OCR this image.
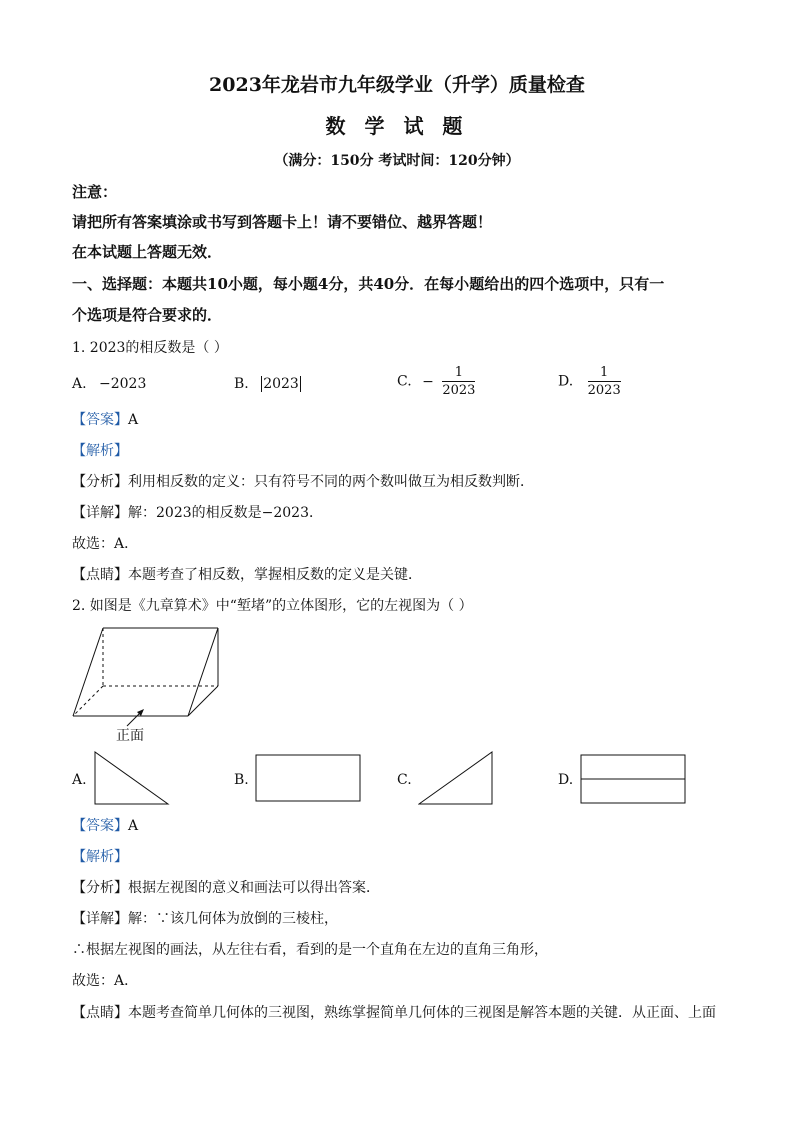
2023年龙岩市九年级学业（升学）质量检查
数 学 试 题
（满分：150分 考试时间：120分钟）
注意：
请把所有答案填涂或书写到答题卡上！请不要错位、越界答题！
在本试题上答题无效．
一、选择题：本题共10小题，每小题4分，共40分．在每小题给出的四个选项中，只有一
个选项是符合要求的．
1. 2023的相反数是（ ）
A. −2023	B. 2023	C. − $\frac{1}{2023}$	D. $\frac{1}{2023}$
【答案】A
【解析】
【分析】利用相反数的定义：只有符号不同的两个数叫做互为相反数判断．
【详解】解：2023的相反数是−2023．
故选：A．
【点睛】本题考查了相反数，掌握相反数的定义是关键．
2. 如图是《九章算术》中“堑堵”的立体图形，它的左视图为（ ）
正面
A.	B.	C.	D.
【答案】A
【解析】
【分析】根据左视图的意义和画法可以得出答案．
【详解】解：∵该几何体为放倒的三棱柱，
∴根据左视图的画法，从左往右看，看到的是一个直角在左边的直角三角形，
故选：A．
【点睛】本题考查简单几何体的三视图，熟练掌握简单几何体的三视图是解答本题的关键．从正面、上面
